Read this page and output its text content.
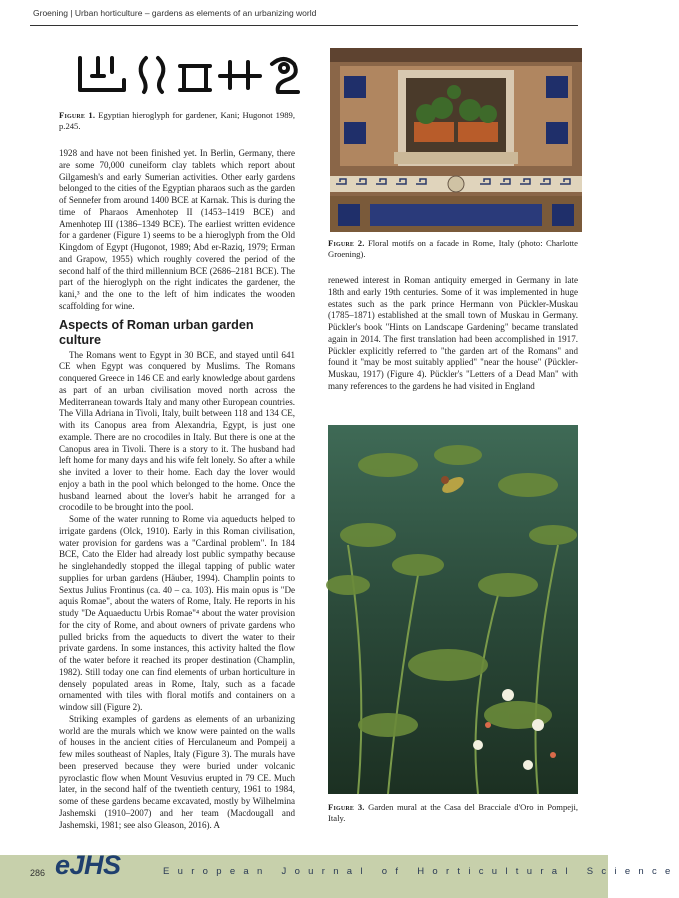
Groening | Urban horticulture – gardens as elements of an urbanizing world

Figure 1. Egyptian hieroglyph for gardener, Kani; Hugonot 1989, p.245.

1928 and have not been finished yet. In Berlin, Germany, there are some 70,000 cuneiform clay tablets which report about Gilgamesh's and early Sumerian activities. Other early gardens belonged to the cities of the Egyptian pharaos such as the garden of Sennefer from around 1400 BCE at Karnak. This is during the time of Pharaos Amenhotep II (1453–1419 BCE) and Amenhotep III (1386–1349 BCE). The earliest written evidence for a gardener (Figure 1) seems to be a hieroglyph from the Old Kingdom of Egypt (Hugonot, 1989; Abd er-Raziq, 1979; Erman and Grapow, 1955) which roughly covered the period of the second half of the third millennium BCE (2686–2181 BCE). The part of the hieroglyph on the right indicates the gardener, the kani,³ and the one to the left of him indicates the wooden scaffolding for wine.

Aspects of Roman urban garden culture

The Romans went to Egypt in 30 BCE, and stayed until 641 CE when Egypt was conquered by Muslims. The Romans conquered Greece in 146 CE and early knowledge about gardens as part of an urban civilisation moved north across the Mediterranean towards Italy and many other European countries. The Villa Adriana in Tivoli, Italy, built between 118 and 134 CE, with its Canopus area from Alexandria, Egypt, is just one example. There are no crocodiles in Italy. But there is one at the Canopus area in Tivoli. There is a story to it. The husband had left home for many days and his wife felt lonely. So after a while she invited a lover to their home. Each day the lover would enjoy a bath in the pool which belonged to the home. Once the husband learned about the lover's habit he arranged for a crocodile to be brought into the pool.

Some of the water running to Rome via aqueducts helped to irrigate gardens (Olck, 1910). Early in this Roman civilisation, water provision for gardens was a "Cardinal problem". In 184 BCE, Cato the Elder had already lost public sympathy because he singlehandedly stopped the illegal tapping of public water supplies for urban gardens (Häuber, 1994). Champlin points to Sextus Julius Frontinus (ca. 40 – ca. 103). His main opus is "De aquis Romae", about the waters of Rome, Italy. He reports in his study "De Aquaeductu Urbis Romae"⁴ about the water provision for the city of Rome, and about owners of private gardens who pulled bricks from the aqueducts to divert the water to their private gardens. In some instances, this activity halted the flow of the water before it reached its proper destination (Champlin, 1982). Still today one can find elements of urban horticulture in densely populated areas in Rome, Italy, such as a facade ornamented with tiles with floral motifs and containers on a window sill (Figure 2).

Striking examples of gardens as elements of an urbanizing world are the murals which we know were painted on the walls of houses in the ancient cities of Herculaneum and Pompeij a few miles southeast of Naples, Italy (Figure 3). The murals have been preserved because they were buried under volcanic pyroclastic flow when Mount Vesuvius erupted in 79 CE. Much later, in the second half of the twentieth century, 1961 to 1984, some of these gardens became excavated, mostly by Wilhelmina Jashemski (1910–2007) and her team (Macdougall and Jashemski, 1981; see also Gleason, 2016). A

Figure 2. Floral motifs on a facade in Rome, Italy (photo: Charlotte Groening).

renewed interest in Roman antiquity emerged in Germany in late 18th and early 19th centuries. Some of it was implemented in huge estates such as the park prince Hermann von Pückler-Muskau (1785–1871) established at the small town of Muskau in Germany. Pückler's book "Hints on Landscape Gardening" became translated again in 2014. The first translation had been accomplished in 1917. Pückler explicitly referred to "the garden art of the Romans" and found it "may be most suitably applied" "near the house" (Pückler-Muskau, 1917) (Figure 4). Pückler's "Letters of a Dead Man" with many references to the gardens he had visited in England

Figure 3. Garden mural at the Casa del Bracciale d'Oro in Pompeji, Italy.

286 eJHS	European Journal of Horticultural Science
